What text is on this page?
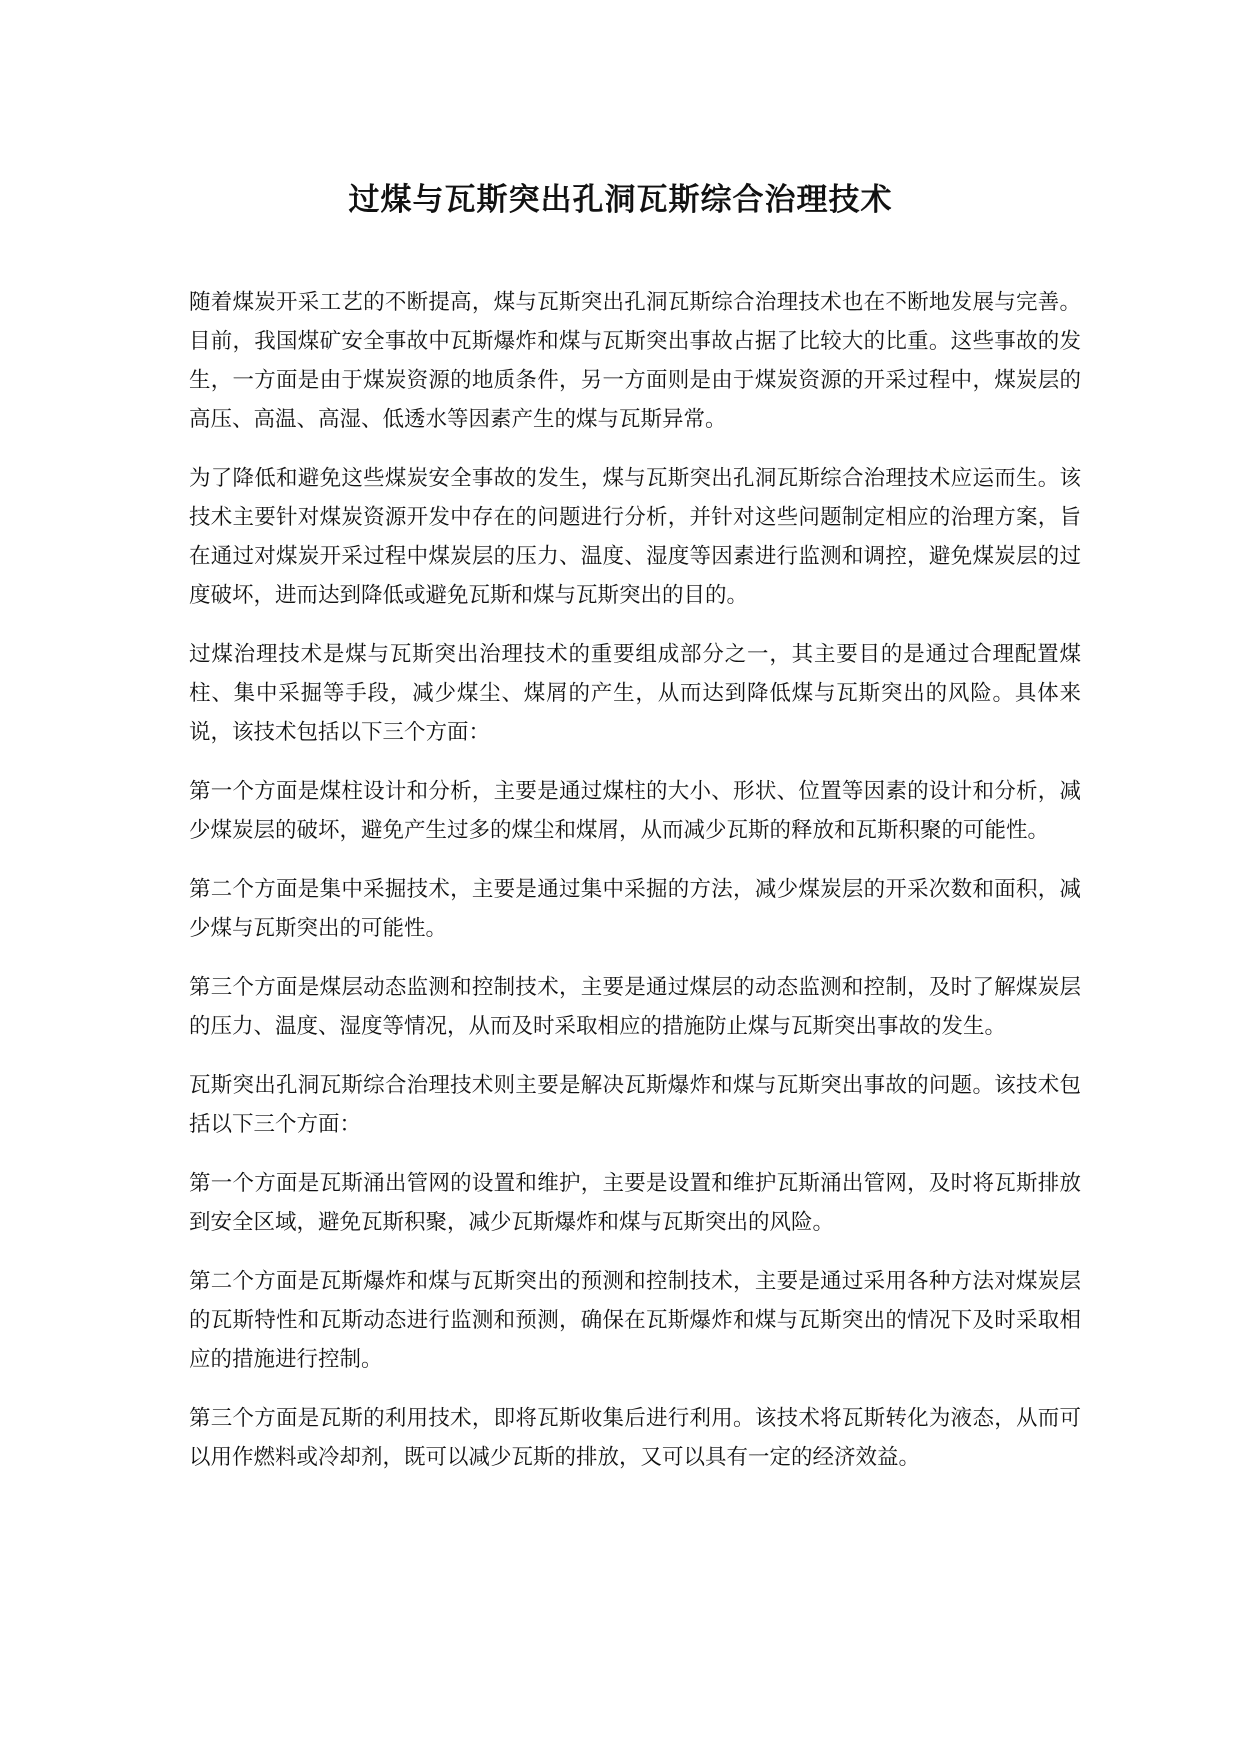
过煤与瓦斯突出孔洞瓦斯综合治理技术

随着煤炭开采工艺的不断提高，煤与瓦斯突出孔洞瓦斯综合治理技术也在不断地发展与完善。目前，我国煤矿安全事故中瓦斯爆炸和煤与瓦斯突出事故占据了比较大的比重。这些事故的发生，一方面是由于煤炭资源的地质条件，另一方面则是由于煤炭资源的开采过程中，煤炭层的高压、高温、高湿、低透水等因素产生的煤与瓦斯异常。

为了降低和避免这些煤炭安全事故的发生，煤与瓦斯突出孔洞瓦斯综合治理技术应运而生。该技术主要针对煤炭资源开发中存在的问题进行分析，并针对这些问题制定相应的治理方案，旨在通过对煤炭开采过程中煤炭层的压力、温度、湿度等因素进行监测和调控，避免煤炭层的过度破坏，进而达到降低或避免瓦斯和煤与瓦斯突出的目的。

过煤治理技术是煤与瓦斯突出治理技术的重要组成部分之一，其主要目的是通过合理配置煤柱、集中采掘等手段，减少煤尘、煤屑的产生，从而达到降低煤与瓦斯突出的风险。具体来说，该技术包括以下三个方面：

第一个方面是煤柱设计和分析，主要是通过煤柱的大小、形状、位置等因素的设计和分析，减少煤炭层的破坏，避免产生过多的煤尘和煤屑，从而减少瓦斯的释放和瓦斯积聚的可能性。

第二个方面是集中采掘技术，主要是通过集中采掘的方法，减少煤炭层的开采次数和面积，减少煤与瓦斯突出的可能性。

第三个方面是煤层动态监测和控制技术，主要是通过煤层的动态监测和控制，及时了解煤炭层的压力、温度、湿度等情况，从而及时采取相应的措施防止煤与瓦斯突出事故的发生。

瓦斯突出孔洞瓦斯综合治理技术则主要是解决瓦斯爆炸和煤与瓦斯突出事故的问题。该技术包括以下三个方面：

第一个方面是瓦斯涌出管网的设置和维护，主要是设置和维护瓦斯涌出管网，及时将瓦斯排放到安全区域，避免瓦斯积聚，减少瓦斯爆炸和煤与瓦斯突出的风险。

第二个方面是瓦斯爆炸和煤与瓦斯突出的预测和控制技术，主要是通过采用各种方法对煤炭层的瓦斯特性和瓦斯动态进行监测和预测，确保在瓦斯爆炸和煤与瓦斯突出的情况下及时采取相应的措施进行控制。

第三个方面是瓦斯的利用技术，即将瓦斯收集后进行利用。该技术将瓦斯转化为液态，从而可以用作燃料或冷却剂，既可以减少瓦斯的排放，又可以具有一定的经济效益。
